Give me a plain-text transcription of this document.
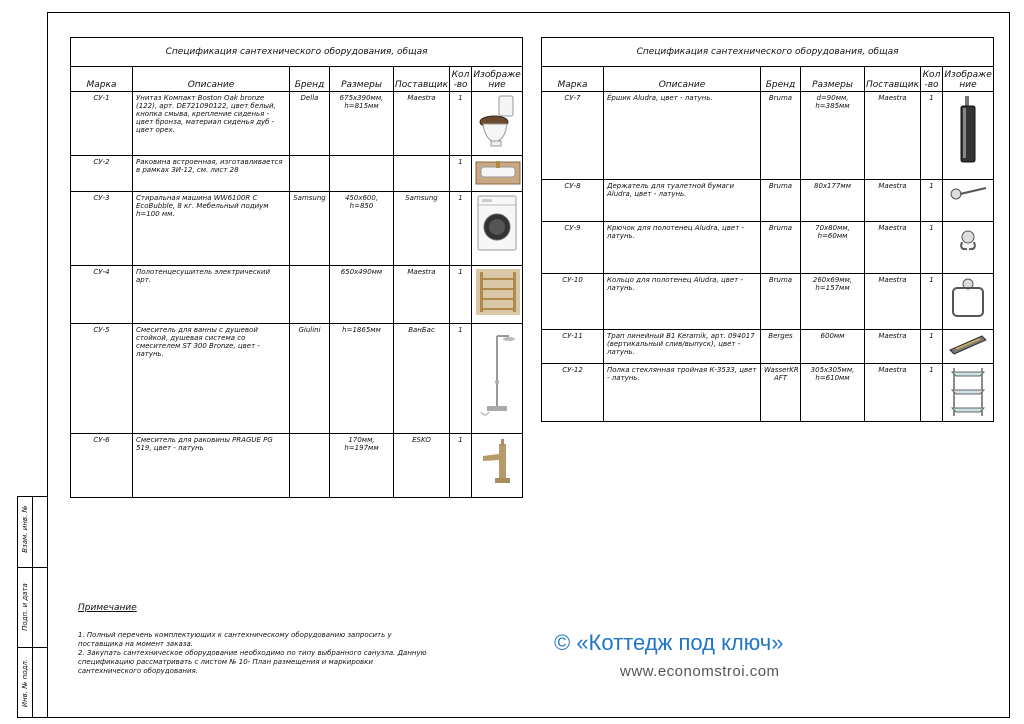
Взам. инв. №
Подп. и дата
Инв. № подл.
Спецификация сантехнического оборудования, общая						
Марка	Описание	Бренд	Размеры	Поставщик	Кол -во	Изображе ние
СУ-1	Унитаз Компакт Boston Oak bronze (122), арт. DE721090122, цвет белый, кнопка смыва, крепление сиденья - цвет бронза, материал сиденья дуб - цвет орех.	Della	675x390мм, h=815мм	Maestra	1	

СУ-2	Раковина встроенная, изготавливается в рамках ЗИ-12, см. лист 28				1	

СУ-3	Стиральная машина WW6100R С EcoBubble, 8 кг. Мебельный подиум h=100 мм.	Samsung	450х600, h=850	Samsung	1	

СУ-4	Полотенцесушитель электрический арт.		650х490мм	Maestra	1	

СУ-5	Смеситель для ванны с душевой стойкой, душевая система со смесителем ST 300 Bronze, цвет - латунь.	Giulini	h=1865мм	ВанБас	1	

СУ-6	Смеситель для раковины PRAGUE PG 519, цвет - латунь		170мм, h=197мм	ESKO	1	
Спецификация сантехнического оборудования, общая						
Марка	Описание	Бренд	Размеры	Поставщик	Кол -во	Изображе ние
СУ-7	Ёршик Aludra, цвет - латунь.	Bruma	d=90мм, h=385мм	Maestra	1	

СУ-8	Держатель для туалетной бумаги Aludra, цвет - латунь.	Bruma	80x177мм	Maestra	1	

СУ-9	Крючок для полотенец Aludra, цвет - латунь.	Bruma	70x80мм, h=60мм	Maestra	1	

СУ-10	Кольцо для полотенец Aludra, цвет - латунь.	Bruma	260x69мм, h=157мм	Maestra	1	

СУ-11	Трап линейный B1 Keramik, арт. 094017 (вертикальный слив/выпуск), цвет - латунь.	Berges	600мм	Maestra	1	

СУ-12	Полка стеклянная тройная К-3533, цвет - латунь.	WasserKR AFT	305x305мм, h=610мм	Maestra	1	
Примечание
1. Полный перечень комплектующих к сантехническому оборудованию запросить у поставщика на момент заказа.
2. Закупать сантехническое оборудование необходимо по типу выбранного санузла. Данную спецификацию рассматривать с листом № 10- План размещения и маркировки сантехнического оборудования.
© «Коттедж под ключ»
www.economstroi.com
